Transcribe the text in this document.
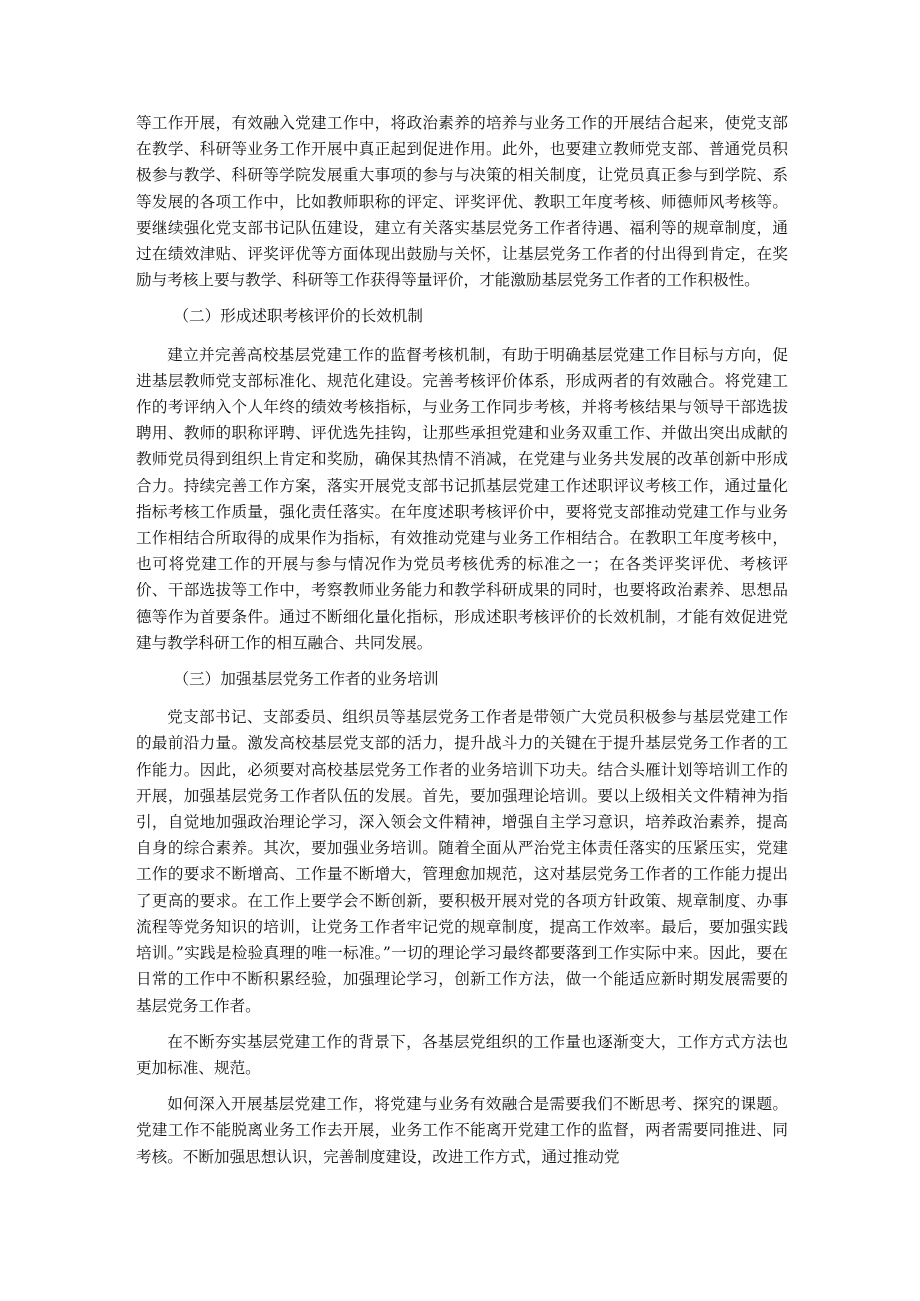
等工作开展，有效融入党建工作中，将政治素养的培养与业务工作的开展结合起来，使党支部在教学、科研等业务工作开展中真正起到促进作用。此外，也要建立教师党支部、普通党员积极参与教学、科研等学院发展重大事项的参与与决策的相关制度，让党员真正参与到学院、系等发展的各项工作中，比如教师职称的评定、评奖评优、教职工年度考核、师德师风考核等。要继续强化党支部书记队伍建设，建立有关落实基层党务工作者待遇、福利等的规章制度，通过在绩效津贴、评奖评优等方面体现出鼓励与关怀，让基层党务工作者的付出得到肯定，在奖励与考核上要与教学、科研等工作获得等量评价，才能激励基层党务工作者的工作积极性。

（二）形成述职考核评价的长效机制

建立并完善高校基层党建工作的监督考核机制，有助于明确基层党建工作目标与方向，促进基层教师党支部标准化、规范化建设。完善考核评价体系，形成两者的有效融合。将党建工作的考评纳入个人年终的绩效考核指标，与业务工作同步考核，并将考核结果与领导干部选拔聘用、教师的职称评聘、评优选先挂钩，让那些承担党建和业务双重工作、并做出突出成献的教师党员得到组织上肯定和奖励，确保其热情不消减，在党建与业务共发展的改革创新中形成合力。持续完善工作方案，落实开展党支部书记抓基层党建工作述职评议考核工作，通过量化指标考核工作质量，强化责任落实。在年度述职考核评价中，要将党支部推动党建工作与业务工作相结合所取得的成果作为指标，有效推动党建与业务工作相结合。在教职工年度考核中，也可将党建工作的开展与参与情况作为党员考核优秀的标准之一；在各类评奖评优、考核评价、干部选拔等工作中，考察教师业务能力和教学科研成果的同时，也要将政治素养、思想品德等作为首要条件。通过不断细化量化指标，形成述职考核评价的长效机制，才能有效促进党建与教学科研工作的相互融合、共同发展。

（三）加强基层党务工作者的业务培训

党支部书记、支部委员、组织员等基层党务工作者是带领广大党员积极参与基层党建工作的最前沿力量。激发高校基层党支部的活力，提升战斗力的关键在于提升基层党务工作者的工作能力。因此，必须要对高校基层党务工作者的业务培训下功夫。结合头雁计划等培训工作的开展，加强基层党务工作者队伍的发展。首先，要加强理论培训。要以上级相关文件精神为指引，自觉地加强政治理论学习，深入领会文件精神，增强自主学习意识，培养政治素养，提高自身的综合素养。其次，要加强业务培训。随着全面从严治党主体责任落实的压紧压实，党建工作的要求不断增高、工作量不断增大，管理愈加规范，这对基层党务工作者的工作能力提出了更高的要求。在工作上要学会不断创新，要积极开展对党的各项方针政策、规章制度、办事流程等党务知识的培训，让党务工作者牢记党的规章制度，提高工作效率。最后，要加强实践培训。”实践是检验真理的唯一标准。”一切的理论学习最终都要落到工作实际中来。因此，要在日常的工作中不断积累经验，加强理论学习，创新工作方法，做一个能适应新时期发展需要的基层党务工作者。

在不断夯实基层党建工作的背景下，各基层党组织的工作量也逐渐变大，工作方式方法也更加标准、规范。

如何深入开展基层党建工作，将党建与业务有效融合是需要我们不断思考、探究的课题。党建工作不能脱离业务工作去开展，业务工作不能离开党建工作的监督，两者需要同推进、同考核。不断加强思想认识，完善制度建设，改进工作方式，通过推动党
